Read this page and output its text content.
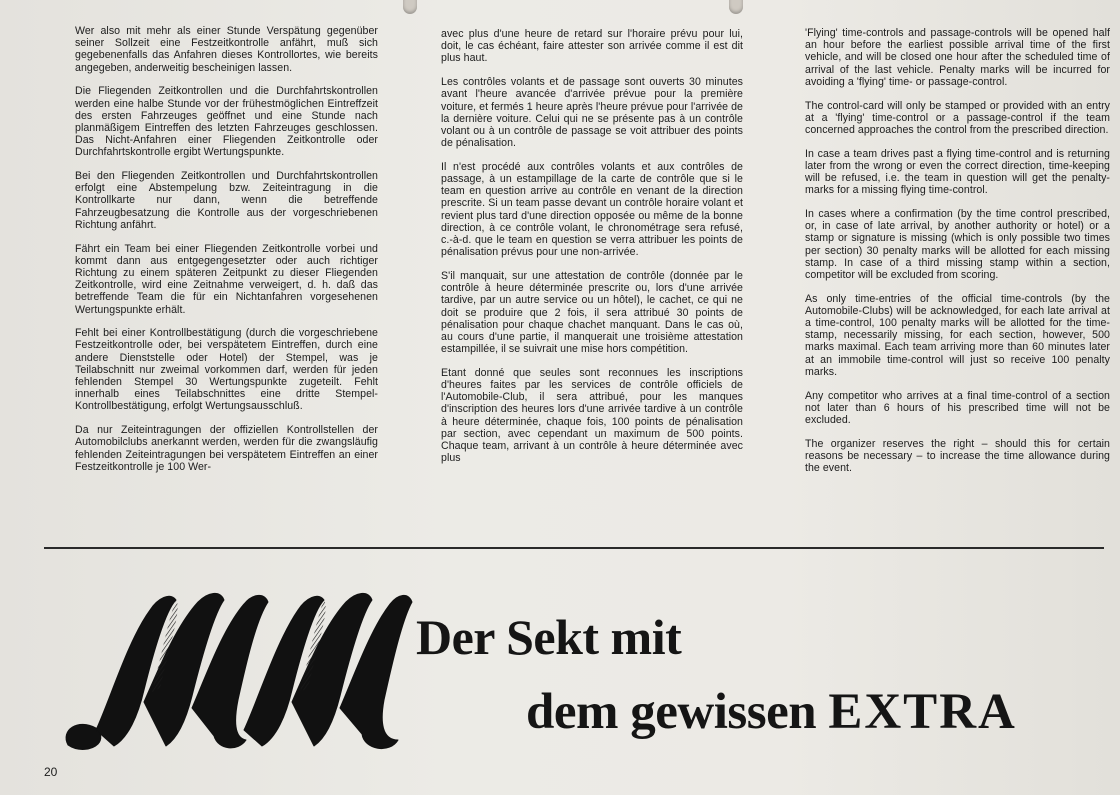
Wer also mit mehr als einer Stunde Verspätung gegenüber seiner Sollzeit eine Festzeitkontrolle anfährt, muß sich gegebenenfalls das Anfahren dieses Kontrollortes, wie bereits angegeben, anderweitig bescheinigen lassen.

Die Fliegenden Zeitkontrollen und die Durchfahrtskontrollen werden eine halbe Stunde vor der frühestmöglichen Eintreffzeit des ersten Fahrzeuges geöffnet und eine Stunde nach planmäßigem Eintreffen des letzten Fahrzeuges geschlossen. Das Nicht-Anfahren einer Fliegenden Zeitkontrolle oder Durchfahrtskontrolle ergibt Wertungspunkte.

Bei den Fliegenden Zeitkontrollen und Durchfahrtskontrollen erfolgt eine Abstempelung bzw. Zeiteintragung in die Kontrollkarte nur dann, wenn die betreffende Fahrzeugbesatzung die Kontrolle aus der vorgeschriebenen Richtung anfährt.

Fährt ein Team bei einer Fliegenden Zeitkontrolle vorbei und kommt dann aus entgegengesetzter oder auch richtiger Richtung zu einem späteren Zeitpunkt zu dieser Fliegenden Zeitkontrolle, wird eine Zeitnahme verweigert, d. h. daß das betreffende Team die für ein Nichtanfahren vorgesehenen Wertungspunkte erhält.

Fehlt bei einer Kontrollbestätigung (durch die vorgeschriebene Festzeitkontrolle oder, bei verspätetem Eintreffen, durch eine andere Dienststelle oder Hotel) der Stempel, was je Teilabschnitt nur zweimal vorkommen darf, werden für jeden fehlenden Stempel 30 Wertungspunkte zugeteilt. Fehlt innerhalb eines Teilabschnittes eine dritte Stempel-Kontrollbestätigung, erfolgt Wertungsausschluß.

Da nur Zeiteintragungen der offiziellen Kontrollstellen der Automobilclubs anerkannt werden, werden für die zwangsläufig fehlenden Zeiteintragungen bei verspätetem Eintreffen an einer Festzeitkontrolle je 100 Wer-

avec plus d'une heure de retard sur l'horaire prévu pour lui, doit, le cas échéant, faire attester son arrivée comme il est dit plus haut.

Les contrôles volants et de passage sont ouverts 30 minutes avant l'heure avancée d'arrivée prévue pour la première voiture, et fermés 1 heure après l'heure prévue pour l'arrivée de la dernière voiture. Celui qui ne se présente pas à un contrôle volant ou à un contrôle de passage se voit attribuer des points de pénalisation.

Il n'est procédé aux contrôles volants et aux contrôles de passage, à un estampillage de la carte de contrôle que si le team en question arrive au contrôle en venant de la direction prescrite. Si un team passe devant un contrôle horaire volant et revient plus tard d'une direction opposée ou même de la bonne direction, à ce contrôle volant, le chronométrage sera refusé, c.-à-d. que le team en question se verra attribuer les points de pénalisation prévus pour une non-arrivée.

S'il manquait, sur une attestation de contrôle (donnée par le contrôle à heure déterminée prescrite ou, lors d'une arrivée tardive, par un autre service ou un hôtel), le cachet, ce qui ne doit se produire que 2 fois, il sera attribué 30 points de pénalisation pour chaque chachet manquant. Dans le cas où, au cours d'une partie, il manquerait une troisième attestation estampillée, il se suivrait une mise hors compétition.

Etant donné que seules sont reconnues les inscriptions d'heures faites par les services de contrôle officiels de l'Automobile-Club, il sera attribué, pour les manques d'inscription des heures lors d'une arrivée tardive à un contrôle à heure déterminée, chaque fois, 100 points de pénalisation par section, avec cependant un maximum de 500 points. Chaque team, arrivant à un contrôle à heure déterminée avec plus

'Flying' time-controls and passage-controls will be opened half an hour before the earliest possible arrival time of the first vehicle, and will be closed one hour after the scheduled time of arrival of the last vehicle. Penalty marks will be incurred for avoiding a 'flying' time- or passage-control.

The control-card will only be stamped or provided with an entry at a 'flying' time-control or a passage-control if the team concerned approaches the control from the prescribed direction.

In case a team drives past a flying time-control and is returning later from the wrong or even the correct direction, time-keeping will be refused, i.e. the team in question will get the penalty-marks for a missing flying time-control.

In cases where a confirmation (by the time control prescribed, or, in case of late arrival, by another authority or hotel) or a stamp or signature is missing (which is only possible two times per section) 30 penalty marks will be allotted for each missing stamp. In case of a third missing stamp within a section, competitor will be excluded from scoring.

As only time-entries of the official time-controls (by the Automobile-Clubs) will be acknowledged, for each late arrival at a time-control, 100 penalty marks will be allotted for the time-stamp, necessarily missing, for each section, however, 500 marks maximal. Each team arriving more than 60 minutes later at an immobile time-control will just so receive 100 penalty marks.

Any competitor who arrives at a final time-control of a section not later than 6 hours of his prescribed time will not be excluded.

The organizer reserves the right – should this for certain reasons be necessary – to increase the time allowance during the event.

Der Sekt mit
dem gewissen EXTRA
20
